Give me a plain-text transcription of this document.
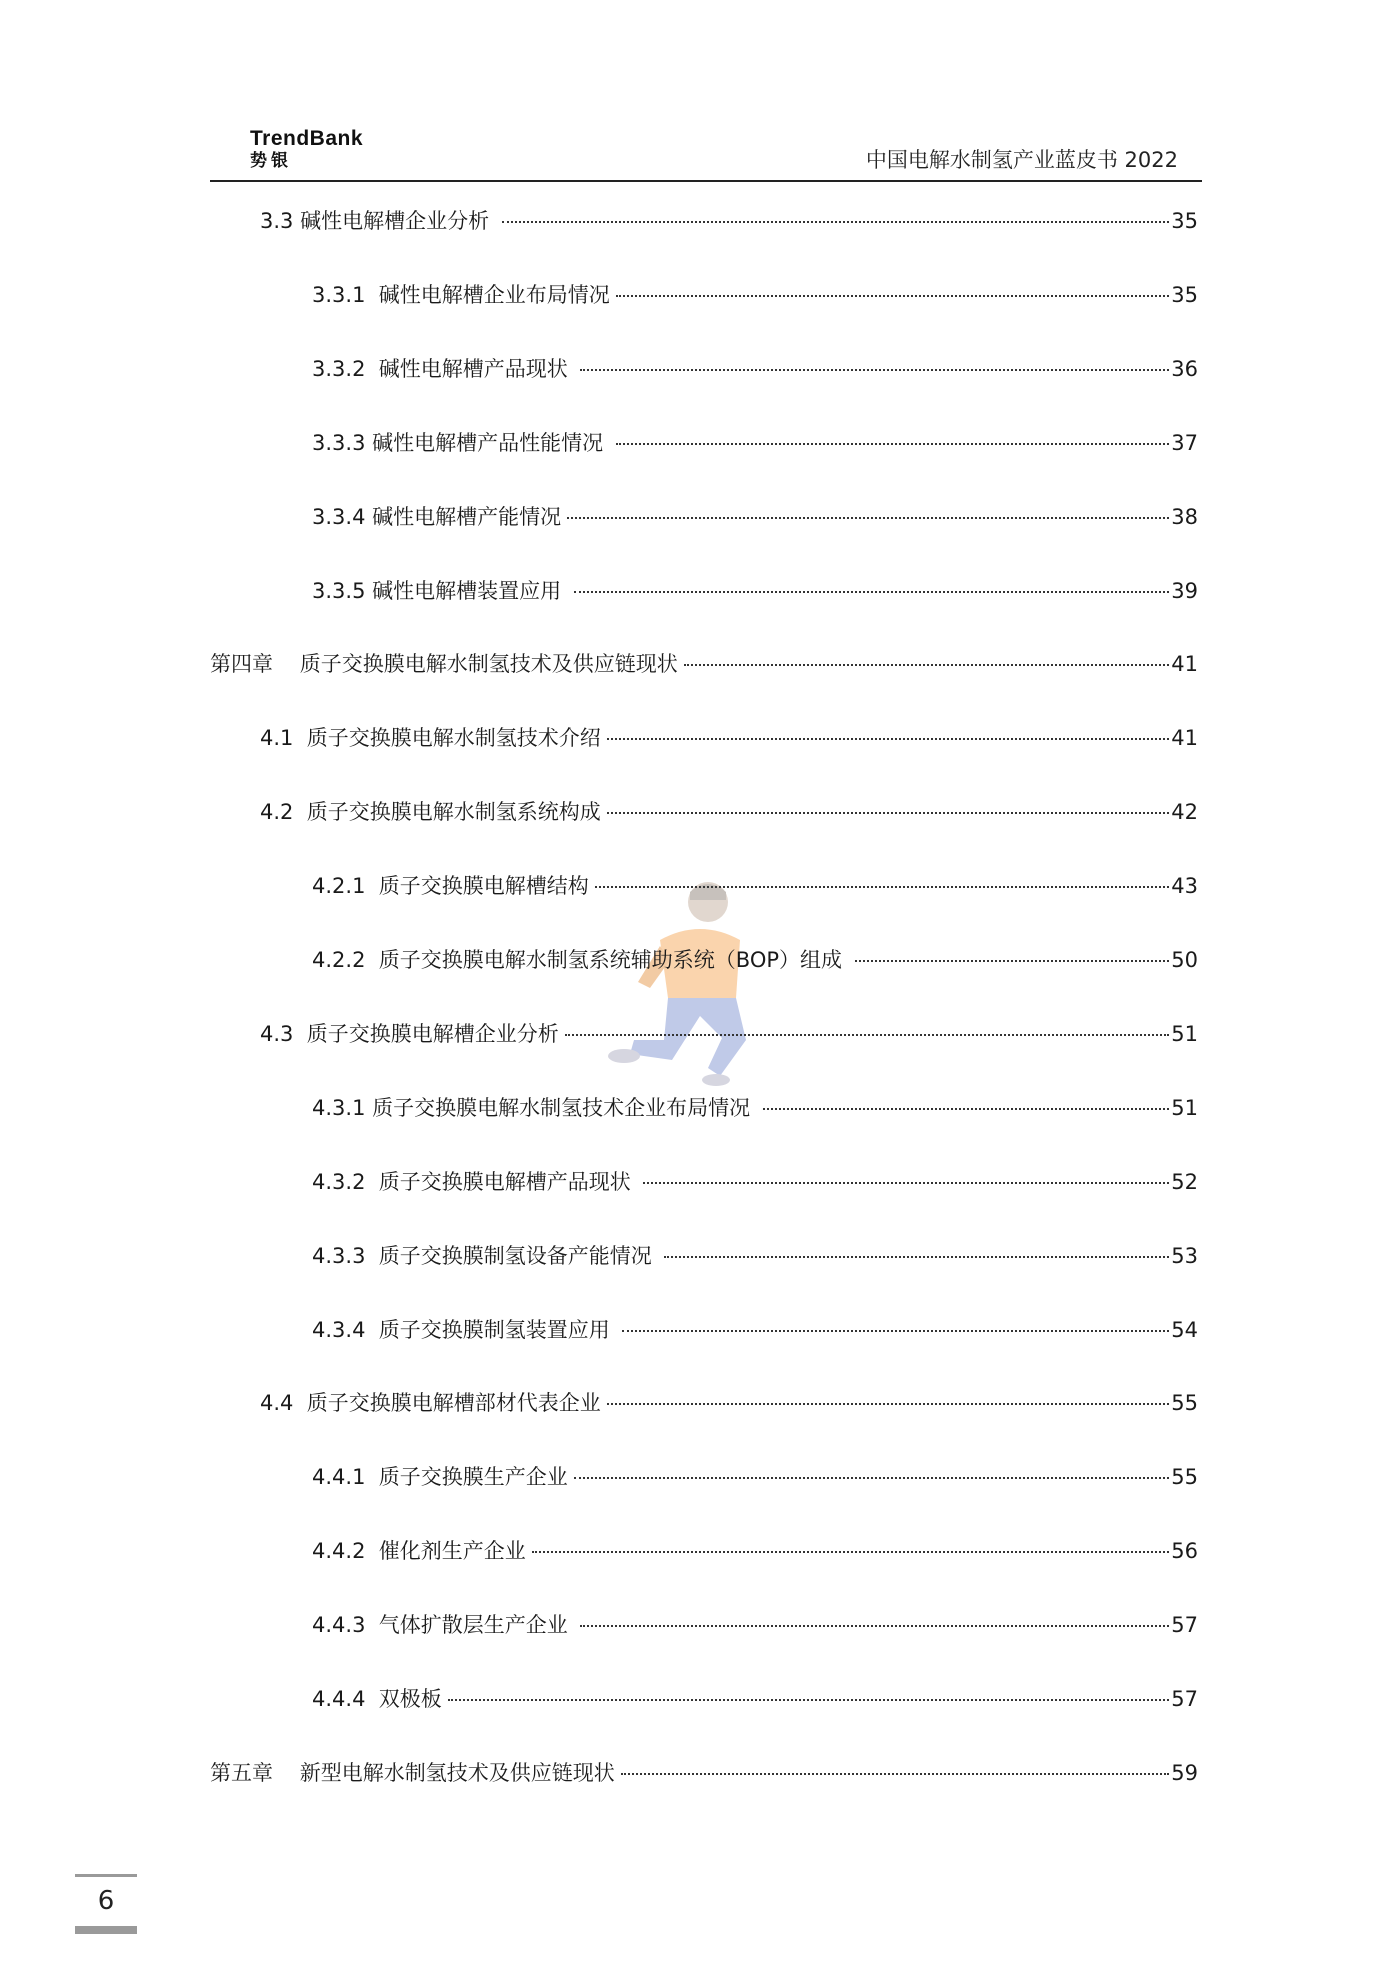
TrendBank
势银	中国电解水制氢产业蓝皮书 2022
3.3 碱性电解槽企业分析	35
3.3.1  碱性电解槽企业布局情况	35
3.3.2  碱性电解槽产品现状	36
3.3.3 碱性电解槽产品性能情况	37
3.3.4 碱性电解槽产能情况	38
3.3.5 碱性电解槽装置应用	39
第四章    质子交换膜电解水制氢技术及供应链现状	41
4.1  质子交换膜电解水制氢技术介绍	41
4.2  质子交换膜电解水制氢系统构成	42
4.2.1  质子交换膜电解槽结构	43
4.2.2  质子交换膜电解水制氢系统辅助系统（BOP）组成	50
4.3  质子交换膜电解槽企业分析	51
4.3.1 质子交换膜电解水制氢技术企业布局情况	51
4.3.2  质子交换膜电解槽产品现状	52
4.3.3  质子交换膜制氢设备产能情况	53
4.3.4  质子交换膜制氢装置应用	54
4.4  质子交换膜电解槽部材代表企业	55
4.4.1  质子交换膜生产企业	55
4.4.2  催化剂生产企业	56
4.4.3  气体扩散层生产企业	57
4.4.4  双极板	57
第五章    新型电解水制氢技术及供应链现状	59
6
